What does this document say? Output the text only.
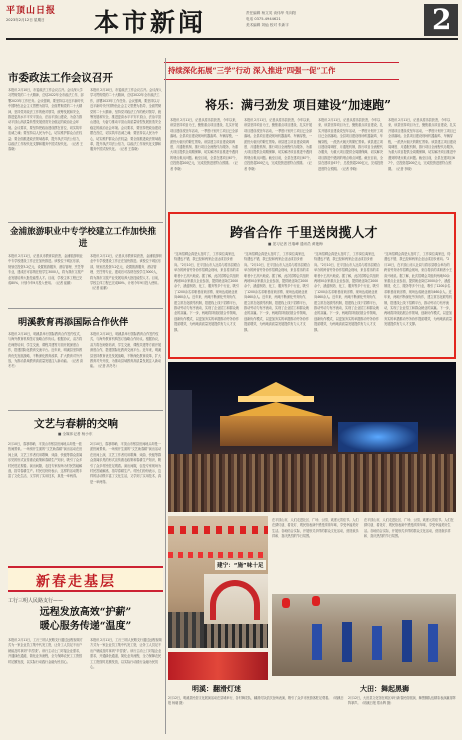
平顶山日报
2023年2月12日 星期日 本市新闻	责任编辑 杨文英 谈伟华 朱向阳
电话 0375-4944621
美术编辑 刘灿 校对 朱新宇	2
持续深化拓展“三学”行动 深入推进“四强一促”工作
市委政法工作会议召开
本报讯 2月10日，市委政法工作会议召开。会议深入学习贯彻党的二十大精神，总结2022年全市政法工作，部署2023年工作任务。会议强调，要坚持以习近平新时代中国特色社会主义思想为指导，全面贯彻党的二十大精神，坚持党对政法工作的绝对领导，统筹发展和安全，推进更高水平平安平顶山、法治平顶山建设，为奋力推动平顶山高质量转型发展营造安全稳定的政治社会环境。会议要求，要坚持把政治建设摆在首位，切实筑牢忠诚之魂；要坚持以人民为中心，切实维护群众合法权益；要全面推进政法领域改革，提升执法司法公信力，以政法工作现代化支撑和服务中国式现代化。（记者 王春晓）
本报讯 2月10日，市委政法工作会议召开。会议深入学习贯彻党的二十大精神，总结2022年全市政法工作，部署2023年工作任务。会议强调，要坚持以习近平新时代中国特色社会主义思想为指导，全面贯彻党的二十大精神，坚持党对政法工作的绝对领导，统筹发展和安全，推进更高水平平安平顶山、法治平顶山建设，为奋力推动平顶山高质量转型发展营造安全稳定的政治社会环境。会议要求，要坚持把政治建设摆在首位，切实筑牢忠诚之魂；要坚持以人民为中心，切实维护群众合法权益；要全面推进政法领域改革，提升执法司法公信力，以政法工作现代化支撑和服务中国式现代化。（记者 王春晓）
将乐：满弓劲发 项目建设“加速跑”
本报讯 2月11日，记者从将乐县获悉，今年以来，该县坚持项目为王，聚焦重点项目建设，扎实开展项目建设攻坚年活动，一季度计划开工项目已全部落地。全县项目建设现场机器轰鸣、车辆穿梭，一派热火朝天的繁忙景象。该县建立项目建设周调度、月通报机制，推行项目全流程代办服务，为重大项目提供全周期保障，切实解决项目推进中遇到的堵点难点问题。截至目前，全县在建项目67个，总投资超200亿元，完成投资进度符合预期。（记者 李晓）
本报讯 2月11日，记者从将乐县获悉，今年以来，该县坚持项目为王，聚焦重点项目建设，扎实开展项目建设攻坚年活动，一季度计划开工项目已全部落地。全县项目建设现场机器轰鸣、车辆穿梭，一派热火朝天的繁忙景象。该县建立项目建设周调度、月通报机制，推行项目全流程代办服务，为重大项目提供全周期保障，切实解决项目推进中遇到的堵点难点问题。截至目前，全县在建项目67个，总投资超200亿元，完成投资进度符合预期。（记者 李晓）
本报讯 2月11日，记者从将乐县获悉，今年以来，该县坚持项目为王，聚焦重点项目建设，扎实开展项目建设攻坚年活动，一季度计划开工项目已全部落地。全县项目建设现场机器轰鸣、车辆穿梭，一派热火朝天的繁忙景象。该县建立项目建设周调度、月通报机制，推行项目全流程代办服务，为重大项目提供全周期保障，切实解决项目推进中遇到的堵点难点问题。截至目前，全县在建项目67个，总投资超200亿元，完成投资进度符合预期。（记者 李晓）
本报讯 2月11日，记者从将乐县获悉，今年以来，该县坚持项目为王，聚焦重点项目建设，扎实开展项目建设攻坚年活动，一季度计划开工项目已全部落地。全县项目建设现场机器轰鸣、车辆穿梭，一派热火朝天的繁忙景象。该县建立项目建设周调度、月通报机制，推行项目全流程代办服务，为重大项目提供全周期保障，切实解决项目推进中遇到的堵点难点问题。截至目前，全县在建项目67个，总投资超200亿元，完成投资进度符合预期。（记者 李晓）
跨省合作 千里送岗揽人才
■ 见习记者 吕瑞峰 通讯员 黄艳梅
“这场招聘会真是太及时了，工作岗位离家近，待遇也不错，我已经和两家企业达成初步意向。”2月10日，在平顶山市人社局与将乐县联合举办的跨省劳务协作招聘会现场，来自将乐的求职者小王高兴地说。据了解，此次招聘会共组织两地50余家重点企业参加，提供就业岗位2000余个，涵盖制造、化工、服务等多个行业，吸引了1200余名求职者前来应聘，现场达成就业意向460余人。近年来，两地不断深化劳务协作，建立常态化联络机制，搭建线上线下招聘平台，推动劳动力有序流动，实现了企业招工和群众就业的双赢。下一步，两地将持续拓展合作领域，创新协作模式，以更加务实的举措推动劳务协作提质增效，为两地高质量发展提供有力人才支撑。
“这场招聘会真是太及时了，工作岗位离家近，待遇也不错，我已经和两家企业达成初步意向。”2月10日，在平顶山市人社局与将乐县联合举办的跨省劳务协作招聘会现场，来自将乐的求职者小王高兴地说。据了解，此次招聘会共组织两地50余家重点企业参加，提供就业岗位2000余个，涵盖制造、化工、服务等多个行业，吸引了1200余名求职者前来应聘，现场达成就业意向460余人。近年来，两地不断深化劳务协作，建立常态化联络机制，搭建线上线下招聘平台，推动劳动力有序流动，实现了企业招工和群众就业的双赢。下一步，两地将持续拓展合作领域，创新协作模式，以更加务实的举措推动劳务协作提质增效，为两地高质量发展提供有力人才支撑。
“这场招聘会真是太及时了，工作岗位离家近，待遇也不错，我已经和两家企业达成初步意向。”2月10日，在平顶山市人社局与将乐县联合举办的跨省劳务协作招聘会现场，来自将乐的求职者小王高兴地说。据了解，此次招聘会共组织两地50余家重点企业参加，提供就业岗位2000余个，涵盖制造、化工、服务等多个行业，吸引了1200余名求职者前来应聘，现场达成就业意向460余人。近年来，两地不断深化劳务协作，建立常态化联络机制，搭建线上线下招聘平台，推动劳动力有序流动，实现了企业招工和群众就业的双赢。下一步，两地将持续拓展合作领域，创新协作模式，以更加务实的举措推动劳务协作提质增效，为两地高质量发展提供有力人才支撑。
“这场招聘会真是太及时了，工作岗位离家近，待遇也不错，我已经和两家企业达成初步意向。”2月10日，在平顶山市人社局与将乐县联合举办的跨省劳务协作招聘会现场，来自将乐的求职者小王高兴地说。据了解，此次招聘会共组织两地50余家重点企业参加，提供就业岗位2000余个，涵盖制造、化工、服务等多个行业，吸引了1200余名求职者前来应聘，现场达成就业意向460余人。近年来，两地不断深化劳务协作，建立常态化联络机制，搭建线上线下招聘平台，推动劳动力有序流动，实现了企业招工和群众就业的双赢。下一步，两地将持续拓展合作领域，创新协作模式，以更加务实的举措推动劳务协作提质增效，为两地高质量发展提供有力人才支撑。
金浦旅游职业中专学校建立工作加快推进
本报讯 2月11日，记者从市教育局获悉，金浦旅游职业中专学校建设工作正在加快推进。该校位于城区东部，规划总投资3.2亿元，设置旅游服务、酒店管理、烹饪等专业，建成后可容纳在校学生3000人，将为我市文旅产业发展培养大批技能型人才。目前，学校主体工程已完成80%，计划今年9月投入使用。（记者 崔鹏）
本报讯 2月11日，记者从市教育局获悉，金浦旅游职业中专学校建设工作正在加快推进。该校位于城区东部，规划总投资3.2亿元，设置旅游服务、酒店管理、烹饪等专业，建成后可容纳在校学生3000人，将为我市文旅产业发展培养大批技能型人才。目前，学校主体工程已完成80%，计划今年9月投入使用。（记者 崔鹏）
明溪教育再添国际合作伙伴
本报讯 2月10日，明溪县举行国际教育合作签约仪式，与海外教育机构签订战略合作协议。根据协议，双方将在师资培训、学生交流、课程共建等方面开展深度合作，搭建国际化教育交流平台。近年来，明溪县坚持教育优先发展战略，不断深化教育改革，扩大教育对外开放，为推动县域教育高质量发展注入新动能。（记者 高冬冬）
本报讯 2月10日，明溪县举行国际教育合作签约仪式，与海外教育机构签订战略合作协议。根据协议，双方将在师资培训、学生交流、课程共建等方面开展深度合作，搭建国际化教育交流平台。近年来，明溪县坚持教育优先发展战略，不断深化教育改革，扩大教育对外开放，为推动县域教育高质量发展注入新动能。（记者 高冬冬）
文艺与春耕的交响
■ 全媒体记者 杨小东
2月10日，春寒料峭，平顶山市郏县田间地头却是一派热闹景象。一场别开生面的“文艺助春耕”演出活动在田间上演，文艺工作者们用歌舞、戏曲、快板等群众喜闻乐见的形式宣传惠农政策和春耕生产知识，吸引了众多村民驻足观看。演出间隙，农技专家现场为村民答疑解惑，指导春耕生产。村民们纷纷表示，这样的活动既丰富了文化生活，又学到了实用技术，真是一举两得。
2月10日，春寒料峭，平顶山市郏县田间地头却是一派热闹景象。一场别开生面的“文艺助春耕”演出活动在田间上演，文艺工作者们用歌舞、戏曲、快板等群众喜闻乐见的形式宣传惠农政策和春耕生产知识，吸引了众多村民驻足观看。演出间隙，农技专家现场为村民答疑解惑，指导春耕生产。村民们纷纷表示，这样的活动既丰富了文化生活，又学到了实用技术，真是一举两得。
新春走基层
工行三明人民路支行——
远程发放高效“护薪”
暖心服务传递“温度”
本报讯 2月11日，工行三明人民路支行通过远程视频方式为一家企业员工集中代发工资，让务工人员足不出户就能及时拿到“辛苦钱”。该行主动上门对接企业需求，开通绿色通道，简化业务流程，全力保障农民工工资按时足额发放，以实际行动践行金融为民初心。
本报讯 2月11日，工行三明人民路支行通过远程视频方式为一家企业员工集中代发工资，让务工人员足不出户就能及时拿到“辛苦钱”。该行主动上门对接企业需求，开通绿色通道，简化业务流程，全力保障农民工工资按时足额发放，以实际行动践行金融为民初心。
建宁：“施”味十足
在平顶山市，人们走进社区、广场、公园，欢度元宵佳节。人们在猜灯谜、看花灯、观民俗表演中感受浓浓年味，享受幸福美好生活。各地结合实际，开展形式多样的群众文化活动，营造欢乐祥和、喜庆热烈的节日氛围。
在平顶山市，人们走进社区、广场、公园，欢度元宵佳节。人们在猜灯谜、看花灯、观民俗表演中感受浓浓年味，享受幸福美好生活。各地结合实际，开展形式多样的群众文化活动，营造欢乐祥和、喜庆热烈的节日氛围。
明溪：翻滑灯迷
2月12日，明溪县民俗文化展演活动在县城举行，各村舞龙队、翻滑灯队依次登场表演，吸引了众多市民游客驻足观看。（明溪日报 杨朝 摄）
大田：舞起黑狮
2月12日，大田县文化馆在城区举行新春民俗展演，舞黑狮队伍精彩表演赢得阵阵掌声。（明溪日报 郑永辉 摄）
